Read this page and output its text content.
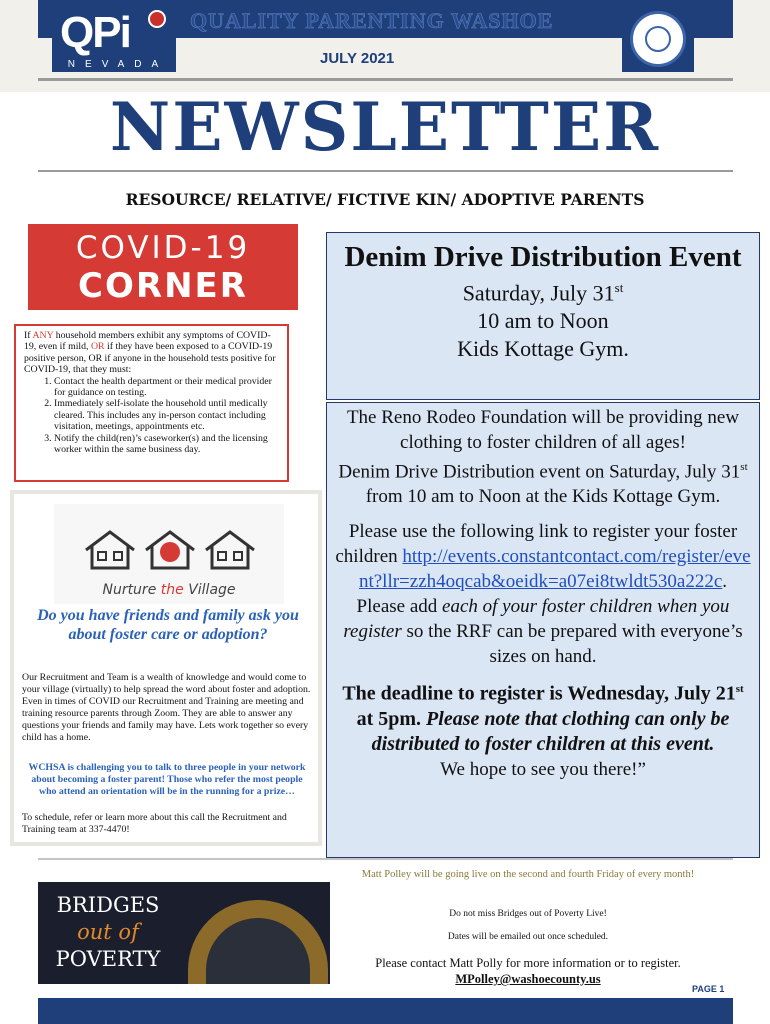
QUALITY PARENTING WASHOE
QPi
NEVADA	JULY 2021
NEWSLETTER
RESOURCE/ RELATIVE/ FICTIVE KIN/ ADOPTIVE PARENTS
COVID-19
CORNER
If ANY household members exhibit any symptoms of COVID-19, even if mild, OR if they have been exposed to a COVID-19 positive person, OR if anyone in the household tests positive for COVID-19, that they must:
1. Contact the health department or their medical provider for guidance on testing.
2. Immediately self-isolate the household until medically cleared. This includes any in-person contact including visitation, meetings, appointments etc.
3. Notify the child(ren)’s caseworker(s) and the licensing worker within the same business day.
Nurture the Village
Do you have friends and family ask you about foster care or adoption?
Our Recruitment and Team is a wealth of knowledge and would come to your village (virtually) to help spread the word about foster and adoption. Even in times of COVID our Recruitment and Training are meeting and training resource parents through Zoom. They are able to answer any questions your friends and family may have. Lets work together so every child has a home.
WCHSA is challenging you to talk to three people in your network about becoming a foster parent! Those who refer the most people who attend an orientation will be in the running for a prize…
To schedule, refer or learn more about this call the Recruitment and Training team at 337-4470!
Denim Drive Distribution Event
Saturday, July 31st
10 am to Noon
Kids Kottage Gym.
The Reno Rodeo Foundation will be providing new clothing to foster children of all ages!
Denim Drive Distribution event on Saturday, July 31st from 10 am to Noon at the Kids Kottage Gym.
Please use the following link to register your foster children http://events.constantcontact.com/register/event?llr=zzh4oqcab&oeidk=a07ei8twldt530a222c. Please add each of your foster children when you register so the RRF can be prepared with everyone’s sizes on hand.
The deadline to register is Wednesday, July 21st at 5pm. Please note that clothing can only be distributed to foster children at this event.
We hope to see you there!”
BRIDGES
out of
POVERTY
Matt Polley will be going live on the second and fourth Friday of every month!
Do not miss Bridges out of Poverty Live!
Dates will be emailed out once scheduled.
Please contact Matt Polly for more information or to register.
MPolley@washoecounty.us
PAGE 1
